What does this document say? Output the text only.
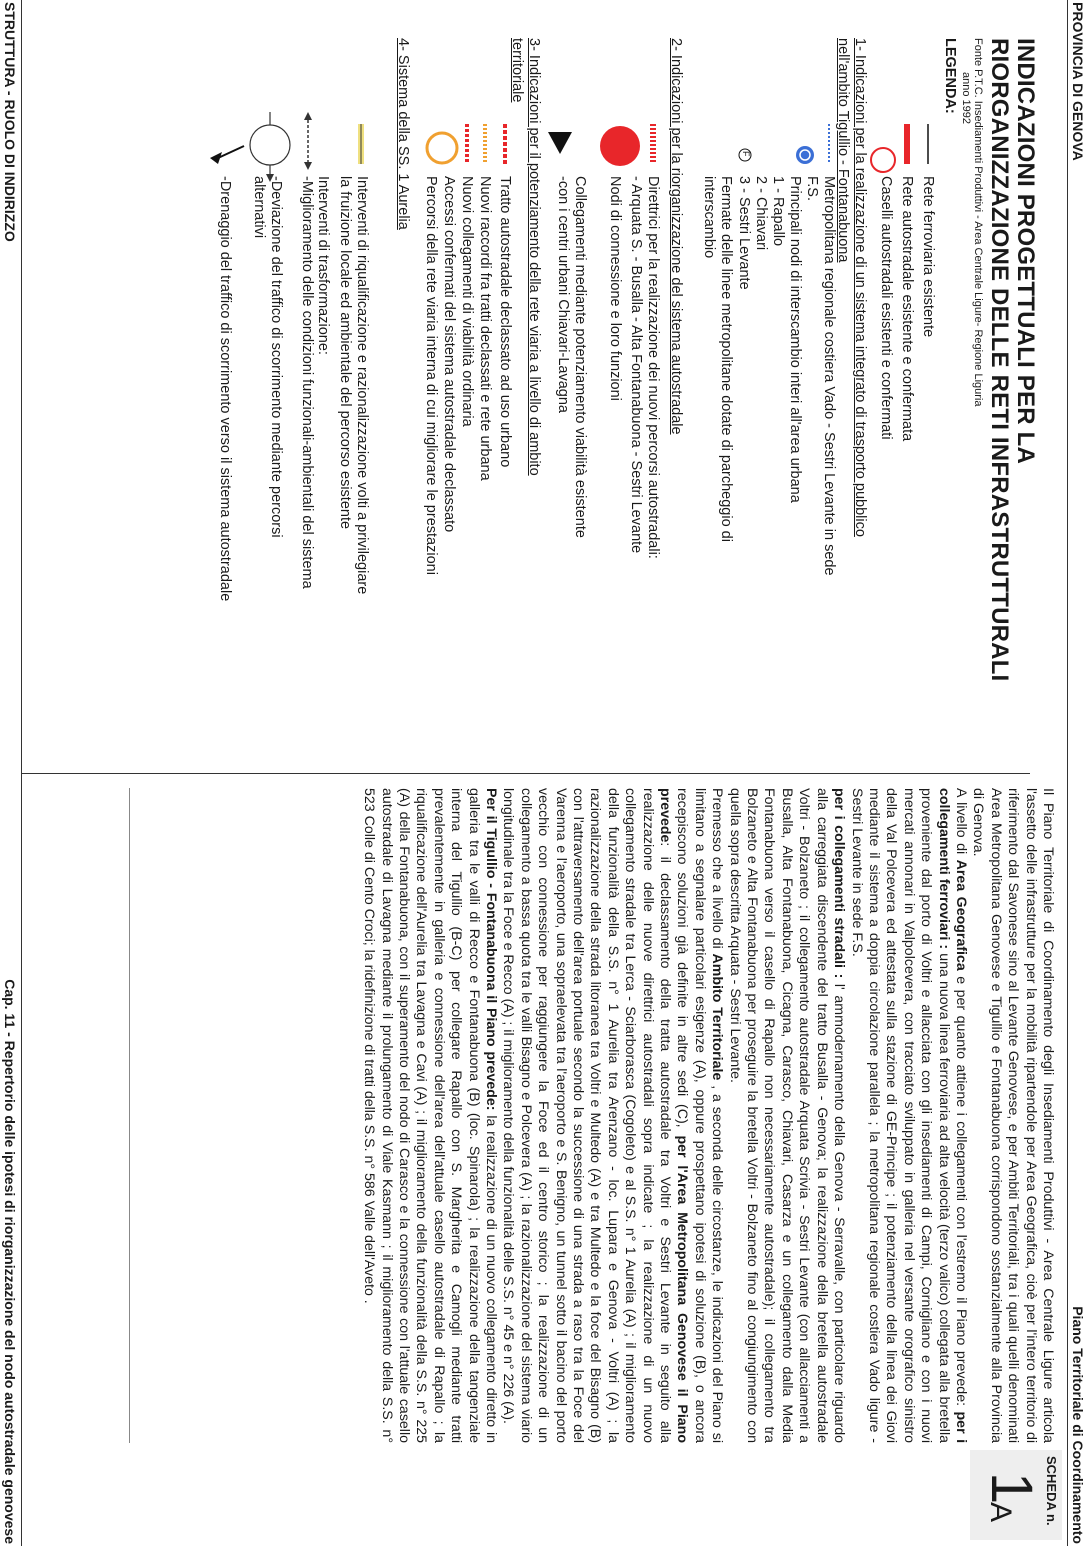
PROVINCIA DI GENOVA
Piano Territoriale di Coordinamento
SCHEDA n.
1
A
STRUTTURA - RUOLO DI INDIRIZZO
Cap. 11 - Repertorio delle ipotesi di riorganizzazione del nodo autostradale genovese
INDICAZIONI PROGETTUALI PER LA
RIORGANIZZAZIONE DELLE RETI INFRASTRUTTURALI
Fonte P.T.C. Insediamenti Produttivi - Area Centrale Ligure- Regione Liguria
anno 1992
LEGENDA:
F
Rete ferroviaria esistente
Rete autostradale esistente e confermata
Caselli autostradali esistenti e confermati
1- Indicazioni per la realizzazione di un sistema integrato di trasporto pubblico
nell'ambito Tigullio - Fontanabuona
Metropolitana regionale costiera Vado - Sestri Levante in sede
F.S.
Principali nodi di interscambio interi all'area urbana
1 - Rapallo
2 - Chiavari
3 - Sestri Levante
Fermate delle linee metropolitane dotate di parcheggio di
interscambio
2- Indicazioni per la riorganizzazione del sistema autostradale
Direttrici per la realizzazione dei nuovi percorsi autostradali:
- Arquata S. - Busalla - Alta Fontanabuona - Sestri Levante
Nodi di connessione e loro funzioni
Collegamenti mediante potenziamento viabilità esistente
-con i centri urbani Chiavari-Lavagna
3- Indicazioni per il potenziamento della rete viaria a livello di ambito
territoriale
Tratto autostradale declassato ad uso urbano
Nuovi raccordi fra tratti declassati e rete urbana
Nuovi collegamenti di viabilità ordinaria
Accessi confermati del sistema autostradale declassato
Percorsi della rete viaria interna di cui migliorare le prestazioni
4- Sistema della SS. 1 Aurelia
Interventi di riqualificazione e razionalizzazione volti a privilegiare
la fruizione locale ed ambientale del percorso esistente
Interventi di trasformazione:
-Miglioramento delle condizioni funzionali-ambientali del sistema
-Deviazione del traffico di scorrimento mediante percorsi
alternativi
-Drenaggio del traffico di scorrimento verso il sistema autostradale

Il Piano Territoriale di Coordinamento degli Insediamenti Produttivi - Area Centrale Ligure articola l'assetto delle infrastrutture per la mobilità ripartendole per Area Geografica, cioè per l'intero territorio di riferimento dal Savonese sino al Levante Genovese, e per Ambiti Territoriali, tra i quali quelli denominati Area Metropolitana Genovese e Tigullio e Fontanabuona corrispondono sostanzialmente alla Provincia di Genova.

A livello di Area Geografica e per quanto attiene i collegamenti con l'estremo il Piano prevede: per i collegamenti ferroviari : una nuova linea ferroviaria ad alta velocità (terzo valico) collegata alla bretella proveniente dal porto di Voltri e allacciata con gli insediamenti di Campi, Cornigliano e con i nuovi mercati annonari in Valpolcevera, con tracciato sviluppato in galleria nel versante orografico sinistro della Val Polcevera ed attestata sulla stazione di GE-Principe ; il potenziamento della linea dei Giovi mediante il sistema a doppia circolazione parallela ; la metropolitana regionale costiera Vado ligure - Sestri Levante in sede F.S.

per i collegamenti stradali : l' ammodernamento della Genova - Serravalle, con particolare riguardo alla carreggiata discendente del tratto Busalla - Genova; la realizzazione della bretella autostradale Voltri - Bolzaneto ; il collegamento autostradale Arquata Scrivia - Sestri Levante (con allacciamenti a Busalla, Alta Fontanabuona, Cicagna, Carasco, Chiavari, Casarza e un collegamento dalla Media Fontanabuona verso il casello di Rapallo non necessariamente autostradale); il collegamento tra Bolzaneto e Alta Fontanabuona per proseguire la bretella Voltri - Bolzaneto fino al congiungimento con quella sopra descritta Arquata - Sestri Levante.

Premesso che a livello di Ambito Territoriale , a seconda delle circostanze, le indicazioni del Piano si limitano a segnalare particolari esigenze (A), oppure prospettano ipotesi di soluzione (B), o ancora recepiscono soluzioni già definite in altre sedi (C), per l'Area Metropolitana Genovese il Piano prevede: il declassamento della tratta autostradale tra Voltri e Sestri Levante in seguito alla realizzazione delle nuove direttrici autostradali sopra indicate ; la realizzazione di un nuovo collegamento stradale tra Lerca - Sciarborasca (Cogoleto) e al S.S. n° 1 Aurelia (A) ; il miglioramento della funzionalità della S.S. n° 1 Aurelia tra Arenzano - loc. Lupara e Genova - Voltri (A) ; la razionalizzazione della strada litoranea tra Voltri e Multedo (A) e tra Multedo e la foce del Bisagno (B) con l'attraversamento dell'area portuale secondo la successione di una strada a raso tra la Foce del Varenna e l'aeroporto, una sopraelevata tra l'aeroporto e S. Benigno, un tunnel sotto il bacino del porto vecchio con connessione per raggiungere la Foce ed il centro storico ; la realizzazione di un collegamento a bassa quota tra le valli Bisagno e Polcevera (A) ; la razionalizzazione del sistema viario longitudinale tra la Foce e Recco (A) ; il miglioramento della funzionalità delle S.S. n° 45 e n° 226 (A).

Per il Tigullio - Fontanabuona il Piano prevede: la realizzazione di un nuovo collegamento diretto in galleria tra le valli di Recco e Fontanabuona (B) (loc. Spinarola) ; la realizzazione della tangenziale interna del Tigullio (B-C) per collegare Rapallo con S. Margherita e Camogli mediante tratti prevalentemente in galleria e connessione dell'area dell'attuale casello autostradale di Rapallo ; la riqualificazione dell'Aurelia tra Lavagna e Cavi (A) ; il miglioramento della funzionalità della S.S. n° 225 (A) della Fontanabuona, con il superamento del nodo di Carasco e la connessione con l'attuale casello autostradale di Lavagna mediante il prolungamento di Viale Kasmann ; il miglioramento della S.S. n° 523 Colle di Cento Croci; la ridefinizione di tratti della S.S. n° 586 Valle dell'Aveto .
